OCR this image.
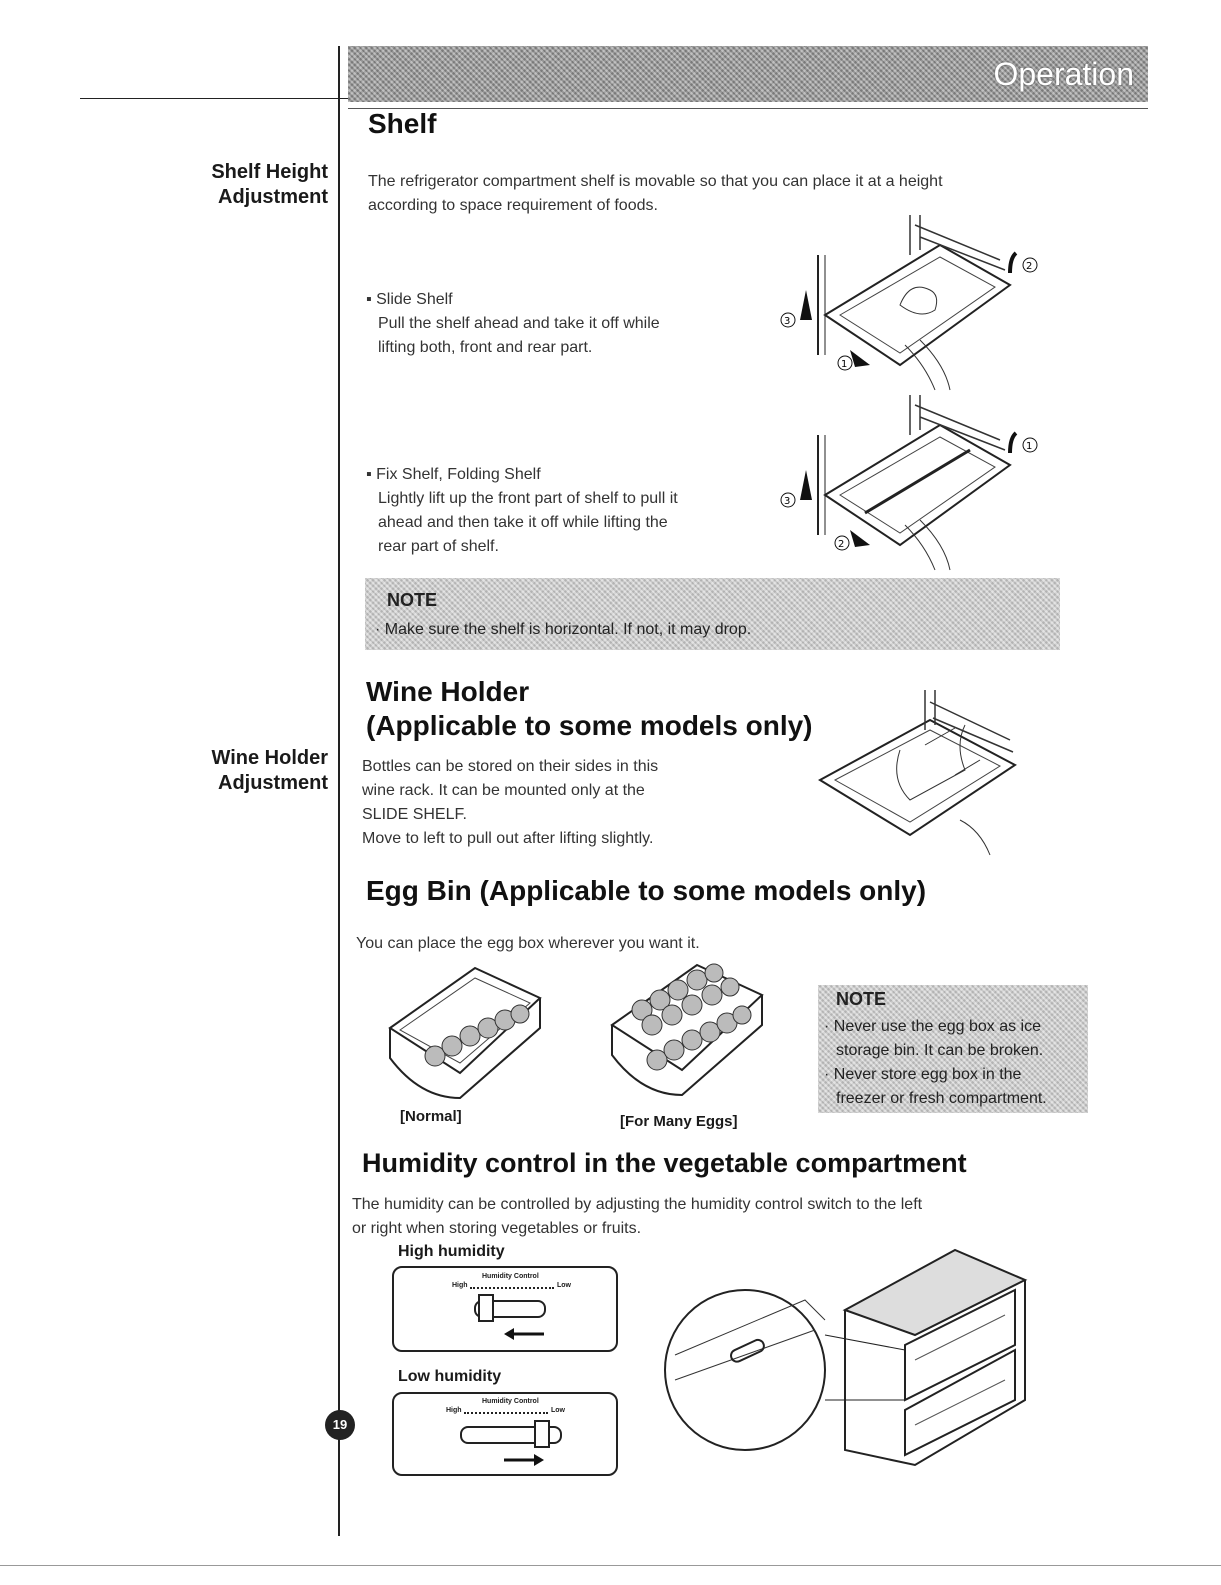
Operation
Shelf Height
Adjustment
Wine Holder
Adjustment
Shelf
The refrigerator compartment shelf is movable so that you can place it at a height
according to space requirement of foods.
▪ Slide Shelf
Pull the shelf ahead and take it off while
lifting both, front and rear part.
▪ Fix Shelf, Folding Shelf
Lightly lift up the front part of shelf to pull it
ahead and then take it off while lifting the
rear part of shelf.
3
1
2
3
2
1
NOTE
· Make sure the shelf is horizontal. If not, it may drop.
Wine Holder
(Applicable to some models only)
Bottles can be stored on their sides in this
wine rack. It can be mounted only at the
SLIDE SHELF.
Move to left to pull out after lifting slightly.
Egg Bin (Applicable to some models only)
You can place the egg box wherever you want it.
[Normal]	[For Many Eggs]
NOTE
· Never use the egg box as ice
storage bin. It can be broken.
· Never store egg box in the
freezer or fresh compartment.
Humidity control in the vegetable compartment
The humidity can be controlled by adjusting the humidity control switch to the left
or right when storing vegetables or fruits.
High humidity
Humidity Control
High	Low
Low humidity
Humidity Control
High	Low
19
